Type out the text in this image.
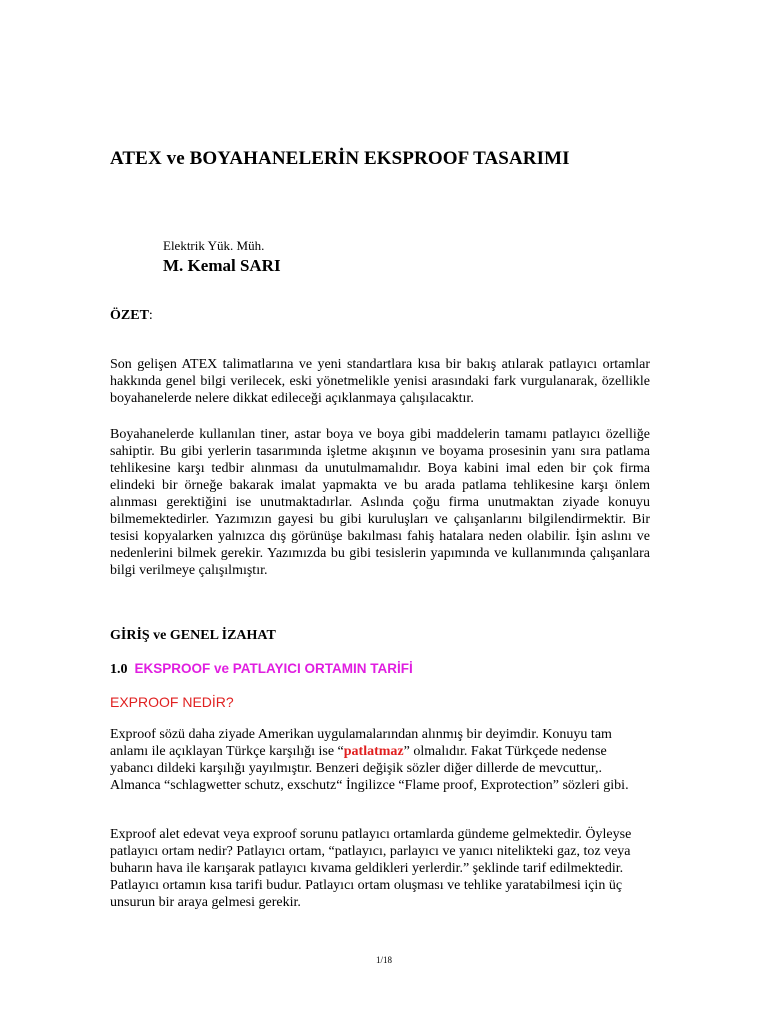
ATEX ve BOYAHANELERİN EKSPROOF TASARIMI
Elektrik Yük. Müh.
M. Kemal SARI
ÖZET:

Son gelişen ATEX talimatlarına ve yeni standartlara kısa bir bakış atılarak patlayıcı ortamlar hakkında genel bilgi verilecek, eski yönetmelikle yenisi arasındaki fark vurgulanarak, özellikle boyahanelerde nelere dikkat edileceği açıklanmaya çalışılacaktır.

Boyahanelerde kullanılan tiner, astar boya ve boya gibi maddelerin tamamı patlayıcı özelliğe sahiptir. Bu gibi yerlerin tasarımında işletme akışının ve boyama prosesinin yanı sıra patlama tehlikesine karşı tedbir alınması da unutulmamalıdır. Boya kabini imal eden bir çok firma elindeki bir örneğe bakarak imalat yapmakta ve bu arada patlama tehlikesine karşı önlem alınması gerektiğini ise unutmaktadırlar. Aslında çoğu firma unutmaktan ziyade konuyu bilmemektedirler. Yazımızın gayesi bu gibi kuruluşları ve çalışanlarını bilgilendirmektir. Bir tesisi kopyalarken yalnızca dış görünüşe bakılması fahiş hatalara neden olabilir. İşin aslını ve nedenlerini bilmek gerekir. Yazımızda bu gibi tesislerin yapımında ve kullanımında çalışanlara bilgi verilmeye çalışılmıştır.

GİRİŞ ve GENEL İZAHAT
1.0 EKSPROOF ve PATLAYICI ORTAMIN TARİFİ
EXPROOF NEDİR?

Exproof sözü daha ziyade Amerikan uygulamalarından alınmış bir deyimdir. Konuyu tam anlamı ile açıklayan Türkçe karşılığı ise “patlatmaz” olmalıdır. Fakat Türkçede nedense yabancı dildeki karşılığı yayılmıştır. Benzeri değişik sözler diğer dillerde de mevcuttur,. Almanca “schlagwetter schutz, exschutz“ İngilizce “Flame proof, Exprotection” sözleri gibi.

Exproof alet edevat veya exproof sorunu patlayıcı ortamlarda gündeme gelmektedir. Öyleyse patlayıcı ortam nedir? Patlayıcı ortam, “patlayıcı, parlayıcı ve yanıcı nitelikteki gaz, toz veya buharın hava ile karışarak patlayıcı kıvama geldikleri yerlerdir.” şeklinde tarif edilmektedir. Patlayıcı ortamın kısa tarifi budur. Patlayıcı ortam oluşması ve tehlike yaratabilmesi için üç unsurun bir araya gelmesi gerekir.

1/18
